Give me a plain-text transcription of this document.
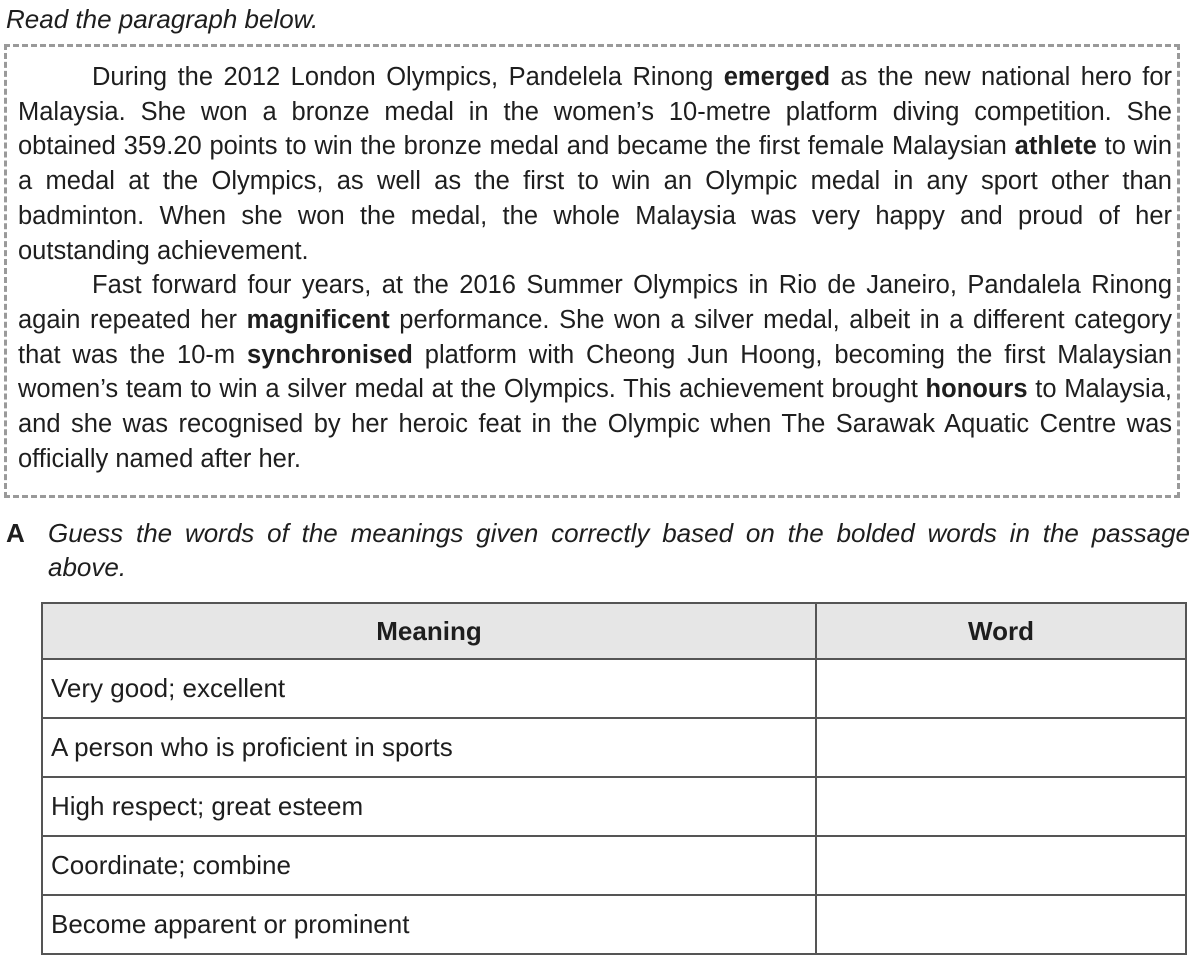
Read the paragraph below.

During the 2012 London Olympics, Pandelela Rinong emerged as the new national hero for Malaysia. She won a bronze medal in the women’s 10-metre platform diving competition. She obtained 359.20 points to win the bronze medal and became the first female Malaysian athlete to win a medal at the Olympics, as well as the first to win an Olympic medal in any sport other than badminton. When she won the medal, the whole Malaysia was very happy and proud of her outstanding achievement.

Fast forward four years, at the 2016 Summer Olympics in Rio de Janeiro, Pandalela Rinong again repeated her magnificent performance. She won a silver medal, albeit in a different category that was the 10-m synchronised platform with Cheong Jun Hoong, becoming the first Malaysian women’s team to win a silver medal at the Olympics. This achievement brought honours to Malaysia, and she was recognised by her heroic feat in the Olympic when The Sarawak Aquatic Centre was officially named after her.

A Guess the words of the meanings given correctly based on the bolded words in the passage above.
Meaning	Word
Very good; excellent	
A person who is proficient in sports	
High respect; great esteem	
Coordinate; combine	
Become apparent or prominent	
